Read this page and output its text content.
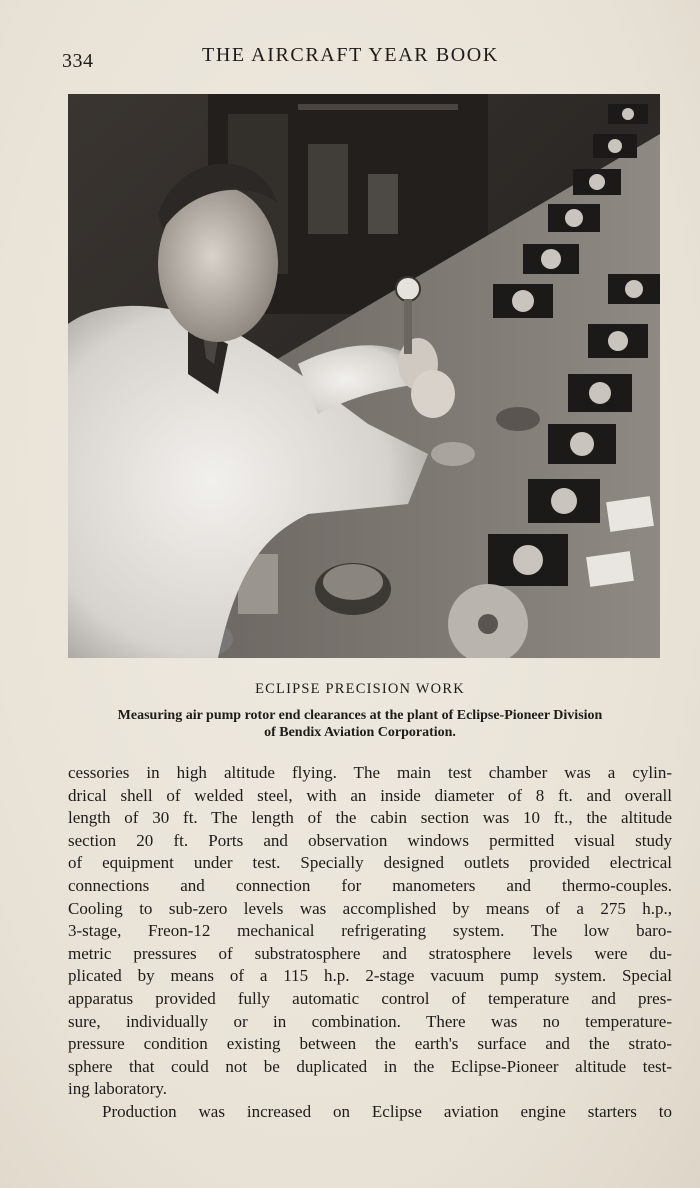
334	THE AIRCRAFT YEAR BOOK
ECLIPSE PRECISION WORK
Measuring air pump rotor end clearances at the plant of Eclipse-Pioneer Division
of Bendix Aviation Corporation.
cessories in high altitude flying. The main test chamber was a cylin-
drical shell of welded steel, with an inside diameter of 8 ft. and overall
length of 30 ft. The length of the cabin section was 10 ft., the altitude
section 20 ft. Ports and observation windows permitted visual study
of equipment under test. Specially designed outlets provided electrical
connections and connection for manometers and thermo-couples.
Cooling to sub-zero levels was accomplished by means of a 275 h.p.,
3-stage, Freon-12 mechanical refrigerating system. The low baro-
metric pressures of substratosphere and stratosphere levels were du-
plicated by means of a 115 h.p. 2-stage vacuum pump system. Special
apparatus provided fully automatic control of temperature and pres-
sure, individually or in combination. There was no temperature-
pressure condition existing between the earth's surface and the strato-
sphere that could not be duplicated in the Eclipse-Pioneer altitude test-
ing laboratory.
Production was increased on Eclipse aviation engine starters to
